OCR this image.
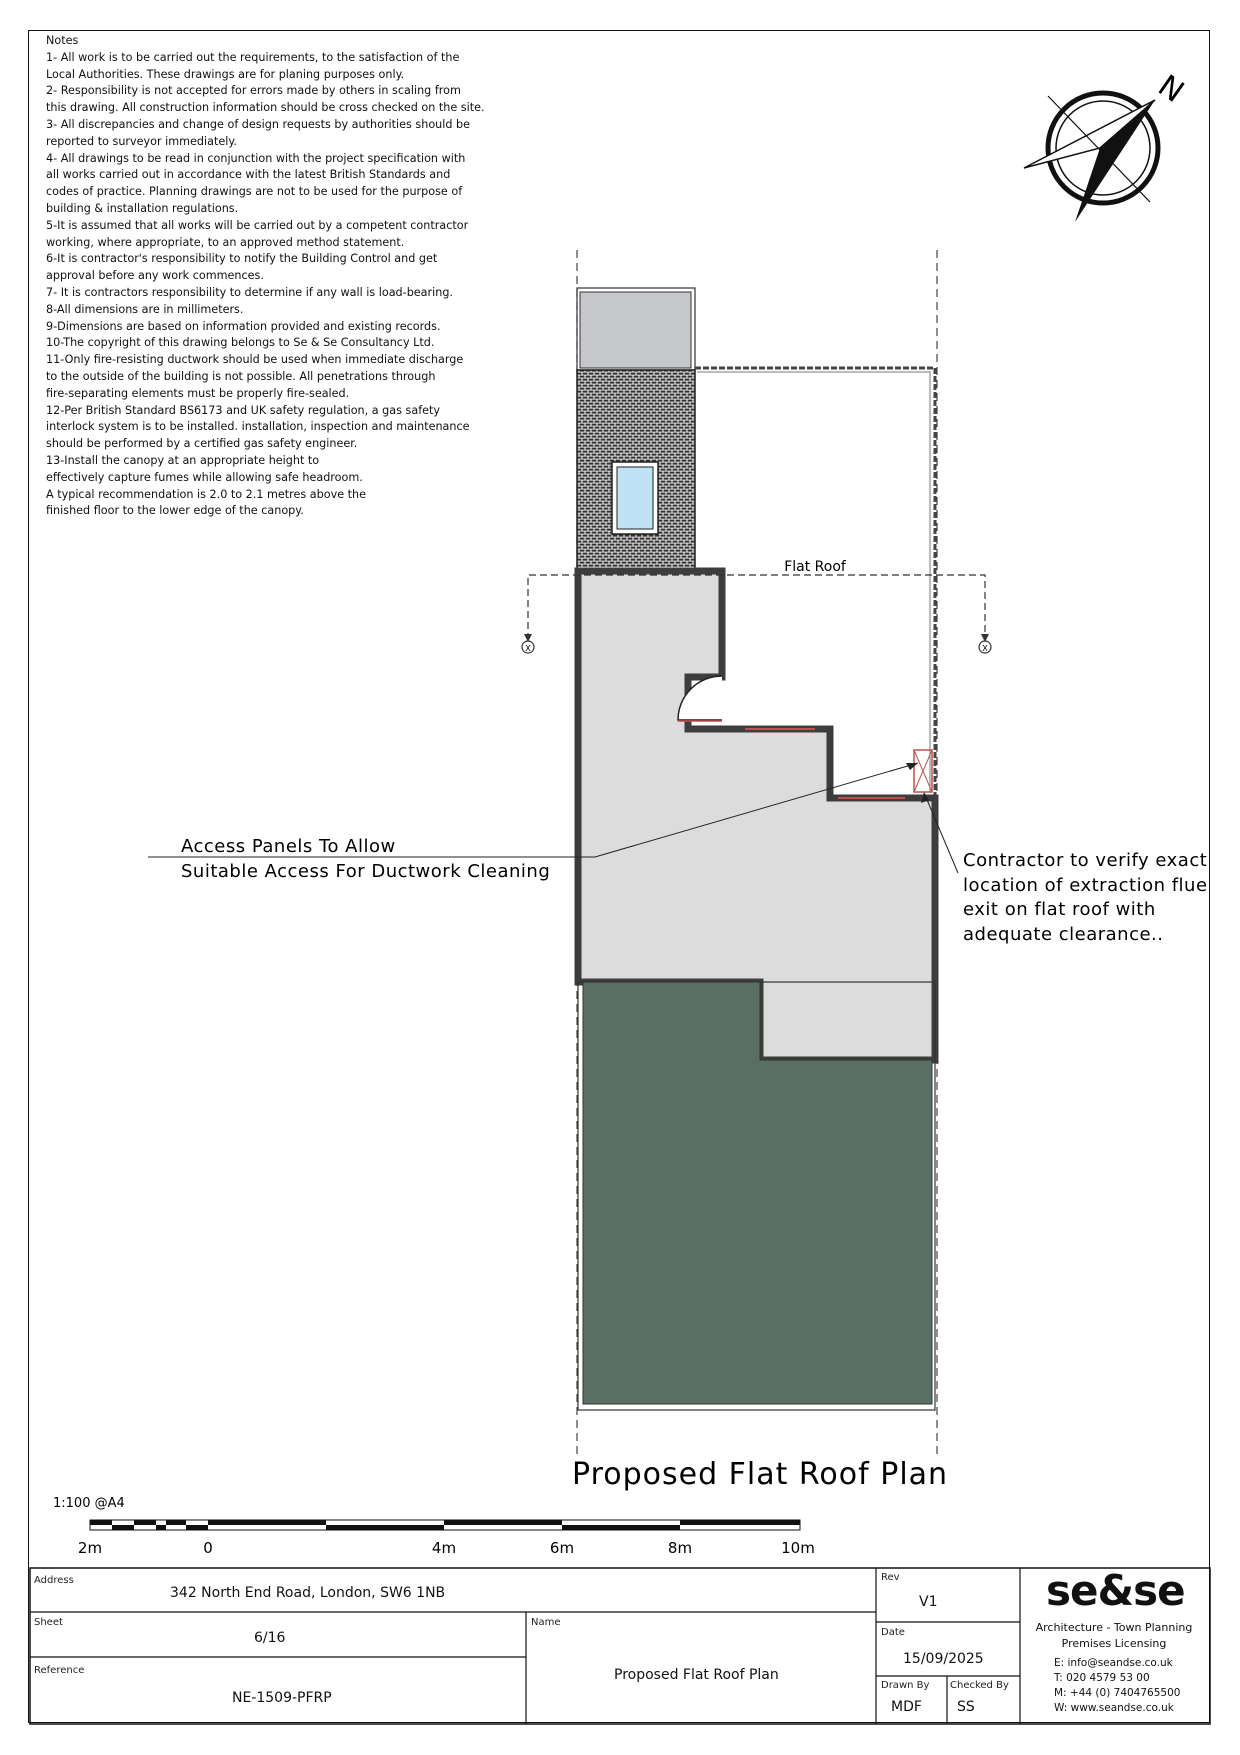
Notes
1- All work is to be carried out the requirements, to the satisfaction of the
Local Authorities. These drawings are for planing purposes only.
2- Responsibility is not accepted for errors made by others in scaling from
this drawing. All construction information should be cross checked on the site.
3- All discrepancies and change of design requests by authorities should be
reported to surveyor immediately.
4- All drawings to be read in conjunction with the project specification with
all works carried out in accordance with the latest British Standards and
codes of practice. Planning drawings are not to be used for the purpose of
building & installation regulations.
5-It is assumed that all works will be carried out by a competent contractor
working, where appropriate, to an approved method statement.
6-It is contractor's responsibility to notify the Building Control and get
approval before any work commences.
7- It is contractors responsibility to determine if any wall is load-bearing.
8-All dimensions are in millimeters.
9-Dimensions are based on information provided and existing records.
10-The copyright of this drawing belongs to Se & Se Consultancy Ltd.
11-Only fire-resisting ductwork should be used when immediate discharge
to the outside of the building is not possible. All penetrations through
fire-separating elements must be properly fire-sealed.
12-Per British Standard BS6173 and UK safety regulation, a gas safety
interlock system is to be installed. installation, inspection and maintenance
should be performed by a certified gas safety engineer.
13-Install the canopy at an appropriate height to
effectively capture fumes while allowing safe headroom.
A typical recommendation is 2.0 to 2.1 metres above the
finished floor to the lower edge of the canopy.
N
X	X
Flat Roof
Access Panels To Allow
Suitable Access For Ductwork Cleaning
Contractor to verify exact
location of extraction flue
exit on flat roof with
adequate clearance..
Proposed Flat Roof Plan
1:100 @A4
2m	0	4m	6m	8m	10m
Address
342 North End Road, London, SW6 1NB
Sheet
6/16
Reference
NE-1509-PFRP
Name
Proposed Flat Roof Plan
Rev
V1
Date
15/09/2025
Drawn By
MDF
Checked By
SS
se&se
Architecture - Town Planning
Premises Licensing
E: info@seandse.co.uk
T: 020 4579 53 00
M: +44 (0) 7404765500
W: www.seandse.co.uk
